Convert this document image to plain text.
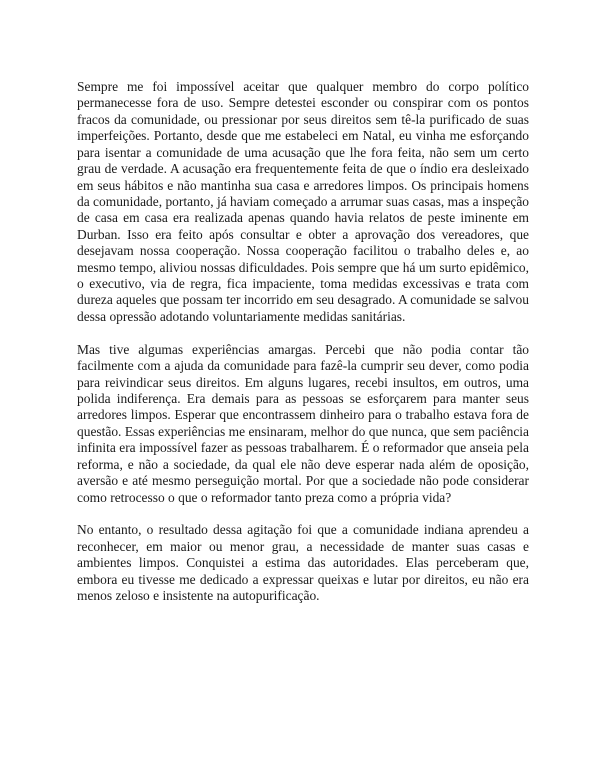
Sempre me foi impossível aceitar que qualquer membro do corpo político permanecesse fora de uso. Sempre detestei esconder ou conspirar com os pontos fracos da comunidade, ou pressionar por seus direitos sem tê-la purificado de suas imperfeições. Portanto, desde que me estabeleci em Natal, eu vinha me esforçando para isentar a comunidade de uma acusação que lhe fora feita, não sem um certo grau de verdade. A acusação era frequentemente feita de que o índio era desleixado em seus hábitos e não mantinha sua casa e arredores limpos. Os principais homens da comunidade, portanto, já haviam começado a arrumar suas casas, mas a inspeção de casa em casa era realizada apenas quando havia relatos de peste iminente em Durban. Isso era feito após consultar e obter a aprovação dos vereadores, que desejavam nossa cooperação. Nossa cooperação facilitou o trabalho deles e, ao mesmo tempo, aliviou nossas dificuldades. Pois sempre que há um surto epidêmico, o executivo, via de regra, fica impaciente, toma medidas excessivas e trata com dureza aqueles que possam ter incorrido em seu desagrado. A comunidade se salvou dessa opressão adotando voluntariamente medidas sanitárias.

Mas tive algumas experiências amargas. Percebi que não podia contar tão facilmente com a ajuda da comunidade para fazê-la cumprir seu dever, como podia para reivindicar seus direitos. Em alguns lugares, recebi insultos, em outros, uma polida indiferença. Era demais para as pessoas se esforçarem para manter seus arredores limpos. Esperar que encontrassem dinheiro para o trabalho estava fora de questão. Essas experiências me ensinaram, melhor do que nunca, que sem paciência infinita era impossível fazer as pessoas trabalharem. É o reformador que anseia pela reforma, e não a sociedade, da qual ele não deve esperar nada além de oposição, aversão e até mesmo perseguição mortal. Por que a sociedade não pode considerar como retrocesso o que o reformador tanto preza como a própria vida?

No entanto, o resultado dessa agitação foi que a comunidade indiana aprendeu a reconhecer, em maior ou menor grau, a necessidade de manter suas casas e ambientes limpos. Conquistei a estima das autoridades. Elas perceberam que, embora eu tivesse me dedicado a expressar queixas e lutar por direitos, eu não era menos zeloso e insistente na autopurificação.
